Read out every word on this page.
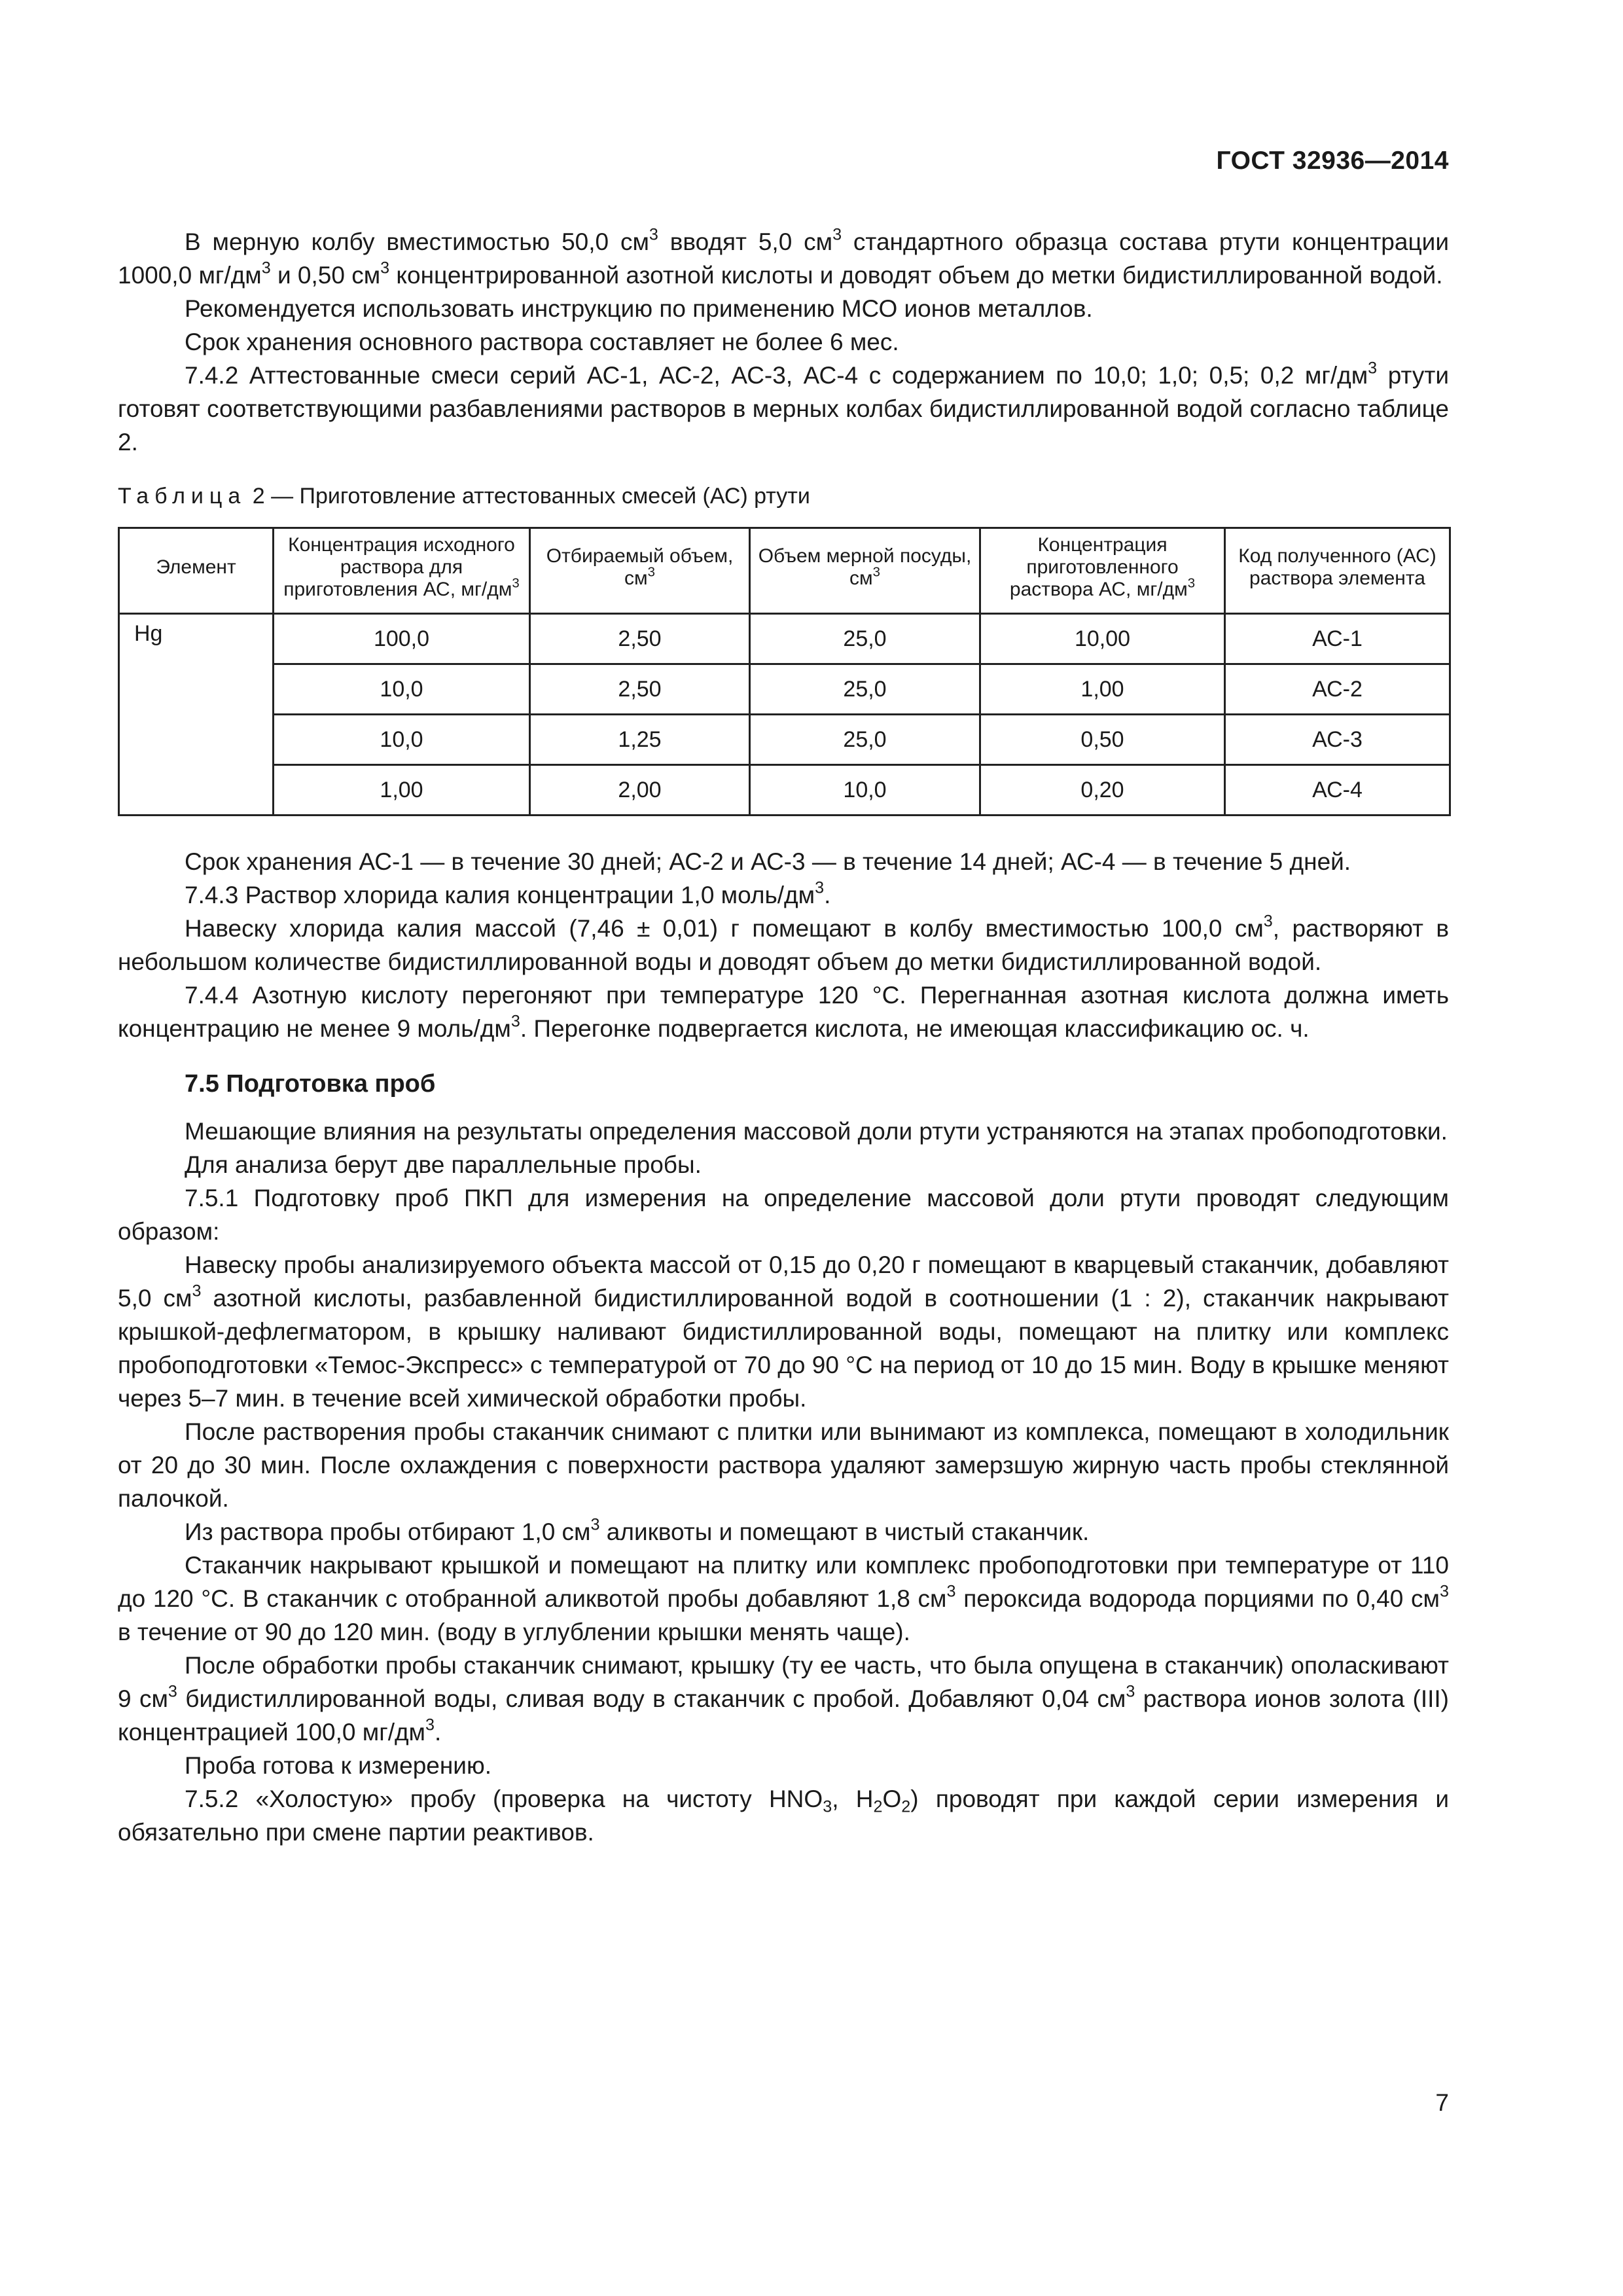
ГОСТ 32936—2014

В мерную колбу вместимостью 50,0 $см^3$ вводят 5,0 $см^3$ стандартного образца состава ртути концентрации 1000,0 $мг/дм^3$ и 0,50 $см^3$ концентрированной азотной кислоты и доводят объем до метки бидистиллированной водой.

Рекомендуется использовать инструкцию по применению МСО ионов металлов.

Срок хранения основного раствора составляет не более 6 мес.

7.4.2 Аттестованные смеси серий АС-1, АС-2, АС-3, АС-4 с содержанием по 10,0; 1,0; 0,5; 0,2 $мг/дм^3$ ртути готовят соответствующими разбавлениями растворов в мерных колбах бидистиллированной водой согласно таблице 2.

Таблица 2 — Приготовление аттестованных смесей (АС) ртути
Элемент	Концентрация исходного раствора для приготовления АС, $мг/дм^3$	Отбираемый объем, $см^3$	Объем мерной посуды, $см^3$	Концентрация приготовленного раствора АС, $мг/дм^3$	Код полученного (АС) раствора элемента
Hg	100,0	2,50	25,0	10,00	АС-1
	10,0	2,50	25,0	1,00	АС-2
	10,0	1,25	25,0	0,50	АС-3
	1,00	2,00	10,0	0,20	АС-4

Срок хранения АС-1 — в течение 30 дней; АС-2 и АС-3 — в течение 14 дней; АС-4 — в течение 5 дней.

7.4.3 Раствор хлорида калия концентрации 1,0 моль/$дм^3$.

Навеску хлорида калия массой (7,46 ± 0,01) г помещают в колбу вместимостью 100,0 $см^3$, растворяют в небольшом количестве бидистиллированной воды и доводят объем до метки бидистиллированной водой.

7.4.4 Азотную кислоту перегоняют при температуре 120 °С. Перегнанная азотная кислота должна иметь концентрацию не менее 9 моль/$дм^3$. Перегонке подвергается кислота, не имеющая классификацию ос. ч.

7.5 Подготовка проб

Мешающие влияния на результаты определения массовой доли ртути устраняются на этапах пробоподготовки.

Для анализа берут две параллельные пробы.

7.5.1 Подготовку проб ПКП для измерения на определение массовой доли ртути проводят следующим образом:

Навеску пробы анализируемого объекта массой от 0,15 до 0,20 г помещают в кварцевый стаканчик, добавляют 5,0 $см^3$ азотной кислоты, разбавленной бидистиллированной водой в соотношении (1 : 2), стаканчик накрывают крышкой-дефлегматором, в крышку наливают бидистиллированной воды, помещают на плитку или комплекс пробоподготовки «Темос-Экспресс» с температурой от 70 до 90 °С на период от 10 до 15 мин. Воду в крышке меняют через 5–7 мин. в течение всей химической обработки пробы.

После растворения пробы стаканчик снимают с плитки или вынимают из комплекса, помещают в холодильник от 20 до 30 мин. После охлаждения с поверхности раствора удаляют замерзшую жирную часть пробы стеклянной палочкой.

Из раствора пробы отбирают 1,0 $см^3$ аликвоты и помещают в чистый стаканчик.

Стаканчик накрывают крышкой и помещают на плитку или комплекс пробоподготовки при температуре от 110 до 120 °С. В стаканчик с отобранной аликвотой пробы добавляют 1,8 $см^3$ пероксида водорода порциями по 0,40 $см^3$ в течение от 90 до 120 мин. (воду в углублении крышки менять чаще).

После обработки пробы стаканчик снимают, крышку (ту ее часть, что была опущена в стаканчик) ополаскивают 9 $см^3$ бидистиллированной воды, сливая воду в стаканчик с пробой. Добавляют 0,04 $см^3$ раствора ионов золота (III) концентрацией 100,0 $мг/дм^3$.

Проба готова к измерению.

7.5.2 «Холостую» пробу (проверка на чистоту $HNO_3$, $H_2O_2$) проводят при каждой серии измерения и обязательно при смене партии реактивов.

7
